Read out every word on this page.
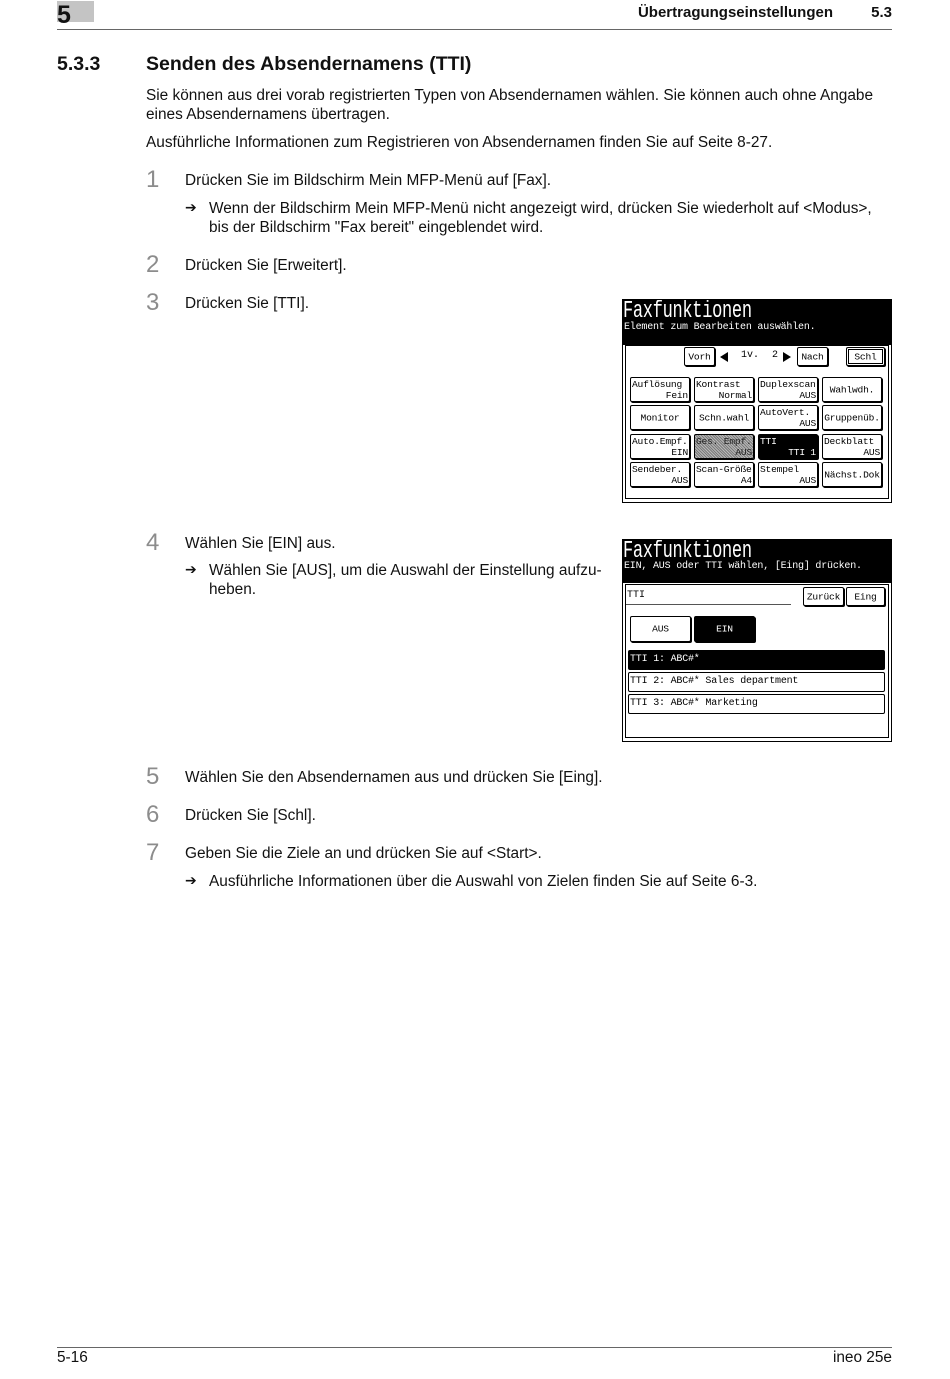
5	Übertragungseinstellungen	5.3
5.3.3 Senden des Absendernamens (TTI)
Sie können aus drei vorab registrierten Typen von Absendernamen wählen. Sie können auch ohne Angabe
eines Absendernamens übertragen.
Ausführliche Informationen zum Registrieren von Absendernamen finden Sie auf Seite 8-27.
1 Drücken Sie im Bildschirm Mein MFP-Menü auf [Fax].
➔ Wenn der Bildschirm Mein MFP-Menü nicht angezeigt wird, drücken Sie wiederholt auf <Modus>,
bis der Bildschirm "Fax bereit" eingeblendet wird.
2 Drücken Sie [Erweitert].
3 Drücken Sie [TTI].	Faxfunktionen
Element zum Bearbeiten auswählen.
Vorh	1v. 2	Nach	Schl
Auflösung
Fein
Kontrast
Normal
Duplexscan
AUS
Wahlwdh.
Monitor	Schn.wahl	AutoVert.
AUS
Gruppenüb.
Auto.Empf.
EIN
Ges. Empf.
AUS
TTI
TTI 1
Deckblatt
AUS
Sendeber.
AUS
Scan-Größe
A4
Stempel
AUS
Nächst.Dok
4 Wählen Sie [EIN] aus.
➔ Wählen Sie [AUS], um die Auswahl der Einstellung aufzu-
heben.
Faxfunktionen
EIN, AUS oder TTI wählen, [Eing] drücken.
TTI	Zurück	Eing
AUS	EIN
TTI 1: ABC#*
TTI 2: ABC#* Sales department
TTI 3: ABC#* Marketing
5 Wählen Sie den Absendernamen aus und drücken Sie [Eing].
6 Drücken Sie [Schl].
7 Geben Sie die Ziele an und drücken Sie auf <Start>.
➔ Ausführliche Informationen über die Auswahl von Zielen finden Sie auf Seite 6-3.
5-16	ineo 25e
